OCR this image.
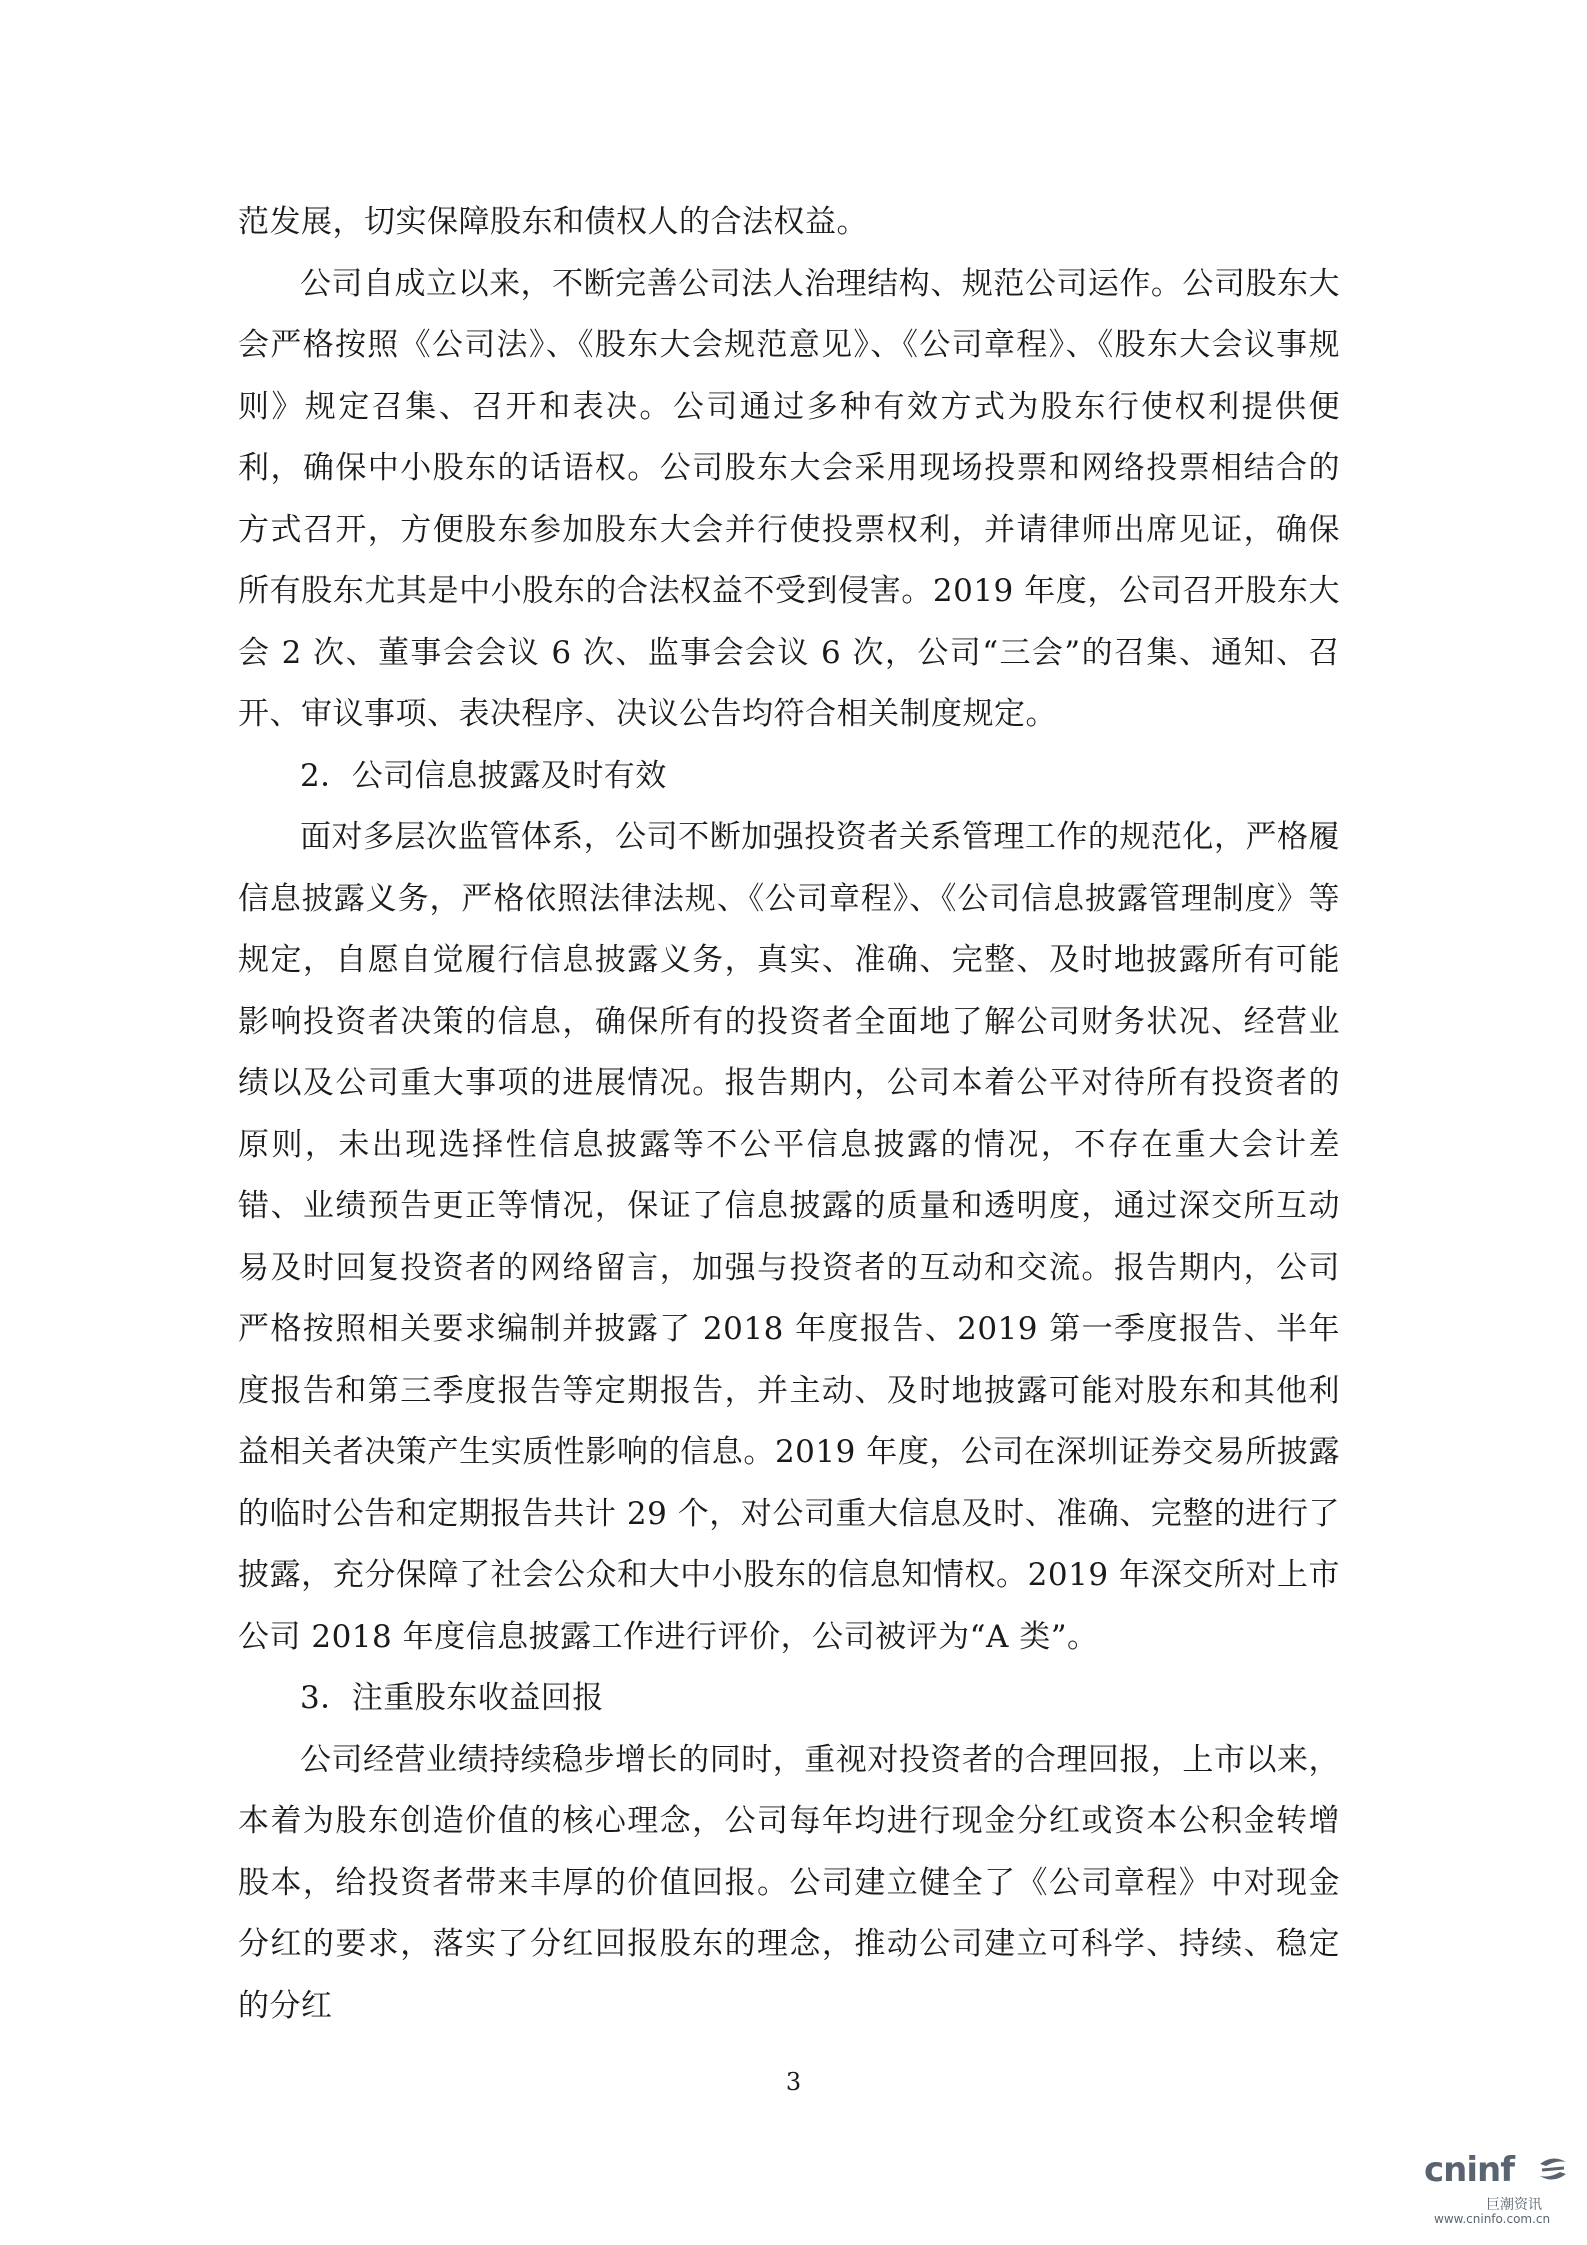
范发展，切实保障股东和债权人的合法权益。

公司自成立以来，不断完善公司法人治理结构、规范公司运作。公司股东大会严格按照《公司法》、《股东大会规范意见》、《公司章程》、《股东大会议事规则》规定召集、召开和表决。公司通过多种有效方式为股东行使权利提供便利，确保中小股东的话语权。公司股东大会采用现场投票和网络投票相结合的方式召开，方便股东参加股东大会并行使投票权利，并请律师出席见证，确保所有股东尤其是中小股东的合法权益不受到侵害。2019 年度，公司召开股东大会 2 次、董事会会议 6 次、监事会会议 6 次，公司“三会”的召集、通知、召开、审议事项、表决程序、决议公告均符合相关制度规定。

2．公司信息披露及时有效

面对多层次监管体系，公司不断加强投资者关系管理工作的规范化，严格履信息披露义务，严格依照法律法规、《公司章程》、《公司信息披露管理制度》等规定，自愿自觉履行信息披露义务，真实、准确、完整、及时地披露所有可能影响投资者决策的信息，确保所有的投资者全面地了解公司财务状况、经营业绩以及公司重大事项的进展情况。报告期内，公司本着公平对待所有投资者的原则，未出现选择性信息披露等不公平信息披露的情况，不存在重大会计差错、业绩预告更正等情况，保证了信息披露的质量和透明度，通过深交所互动易及时回复投资者的网络留言，加强与投资者的互动和交流。报告期内，公司严格按照相关要求编制并披露了 2018 年度报告、2019 第一季度报告、半年度报告和第三季度报告等定期报告，并主动、及时地披露可能对股东和其他利益相关者决策产生实质性影响的信息。2019 年度，公司在深圳证券交易所披露的临时公告和定期报告共计 29 个，对公司重大信息及时、准确、完整的进行了披露，充分保障了社会公众和大中小股东的信息知情权。2019 年深交所对上市公司 2018 年度信息披露工作进行评价，公司被评为“A 类”。

3．注重股东收益回报

公司经营业绩持续稳步增长的同时，重视对投资者的合理回报，上市以来，本着为股东创造价值的核心理念，公司每年均进行现金分红或资本公积金转增股本，给投资者带来丰厚的价值回报。公司建立健全了《公司章程》中对现金分红的要求，落实了分红回报股东的理念，推动公司建立可科学、持续、稳定的分红

3
cninf
巨潮资讯
www.cninfo.com.cn
